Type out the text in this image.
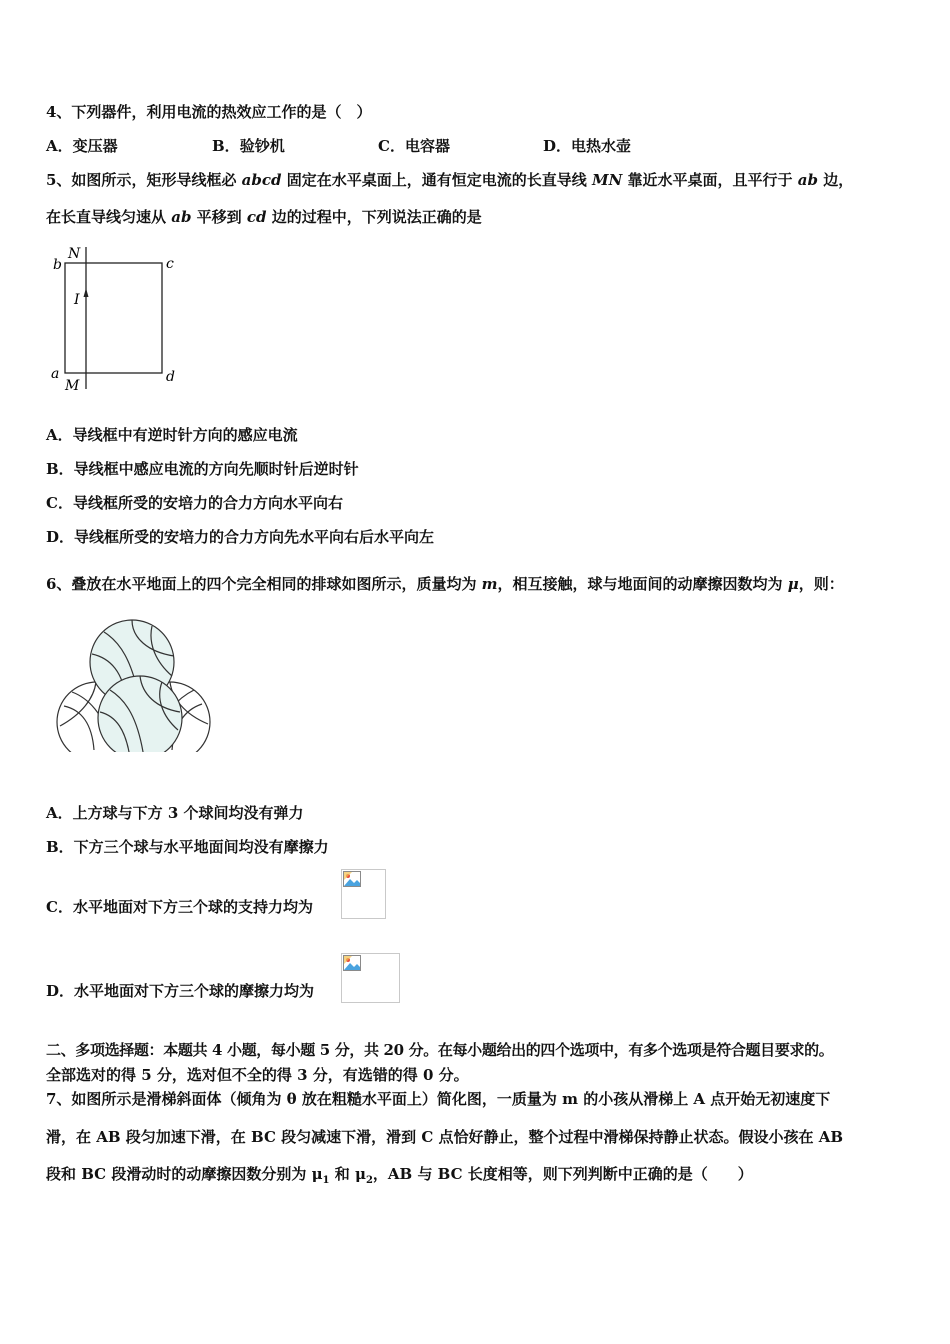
4、下列器件，利用电流的热效应工作的是（　）
A．变压器	B．验钞机	C．电容器	D．电热水壶
5、如图所示，矩形导线框必 abcd 固定在水平桌面上，通有恒定电流的长直导线 MN 靠近水平桌面，且平行于 ab 边，
在长直导线匀速从 ab 平移到 cd 边的过程中，下列说法正确的是
b	c
a	d
N
M
I
A．导线框中有逆时针方向的感应电流
B．导线框中感应电流的方向先顺时针后逆时针
C．导线框所受的安培力的合力方向水平向右
D．导线框所受的安培力的合力方向先水平向右后水平向左
6、叠放在水平地面上的四个完全相同的排球如图所示，质量均为 m，相互接触，球与地面间的动摩擦因数均为 μ，则：
A．上方球与下方 3 个球间均没有弹力
B．下方三个球与水平地面间均没有摩擦力
C．水平地面对下方三个球的支持力均为
D．水平地面对下方三个球的摩擦力均为
二、多项选择题：本题共 4 小题，每小题 5 分，共 20 分。在每小题给出的四个选项中，有多个选项是符合题目要求的。
全部选对的得 5 分，选对但不全的得 3 分，有选错的得 0 分。
7、如图所示是滑梯斜面体（倾角为 θ 放在粗糙水平面上）简化图，一质量为 m 的小孩从滑梯上 A 点开始无初速度下
滑，在 AB 段匀加速下滑，在 BC 段匀减速下滑，滑到 C 点恰好静止，整个过程中滑梯保持静止状态。假设小孩在 AB
段和 BC 段滑动时的动摩擦因数分别为 $\mu_1$ 和 $\mu_2$，AB 与 BC 长度相等，则下列判断中正确的是（　　）
